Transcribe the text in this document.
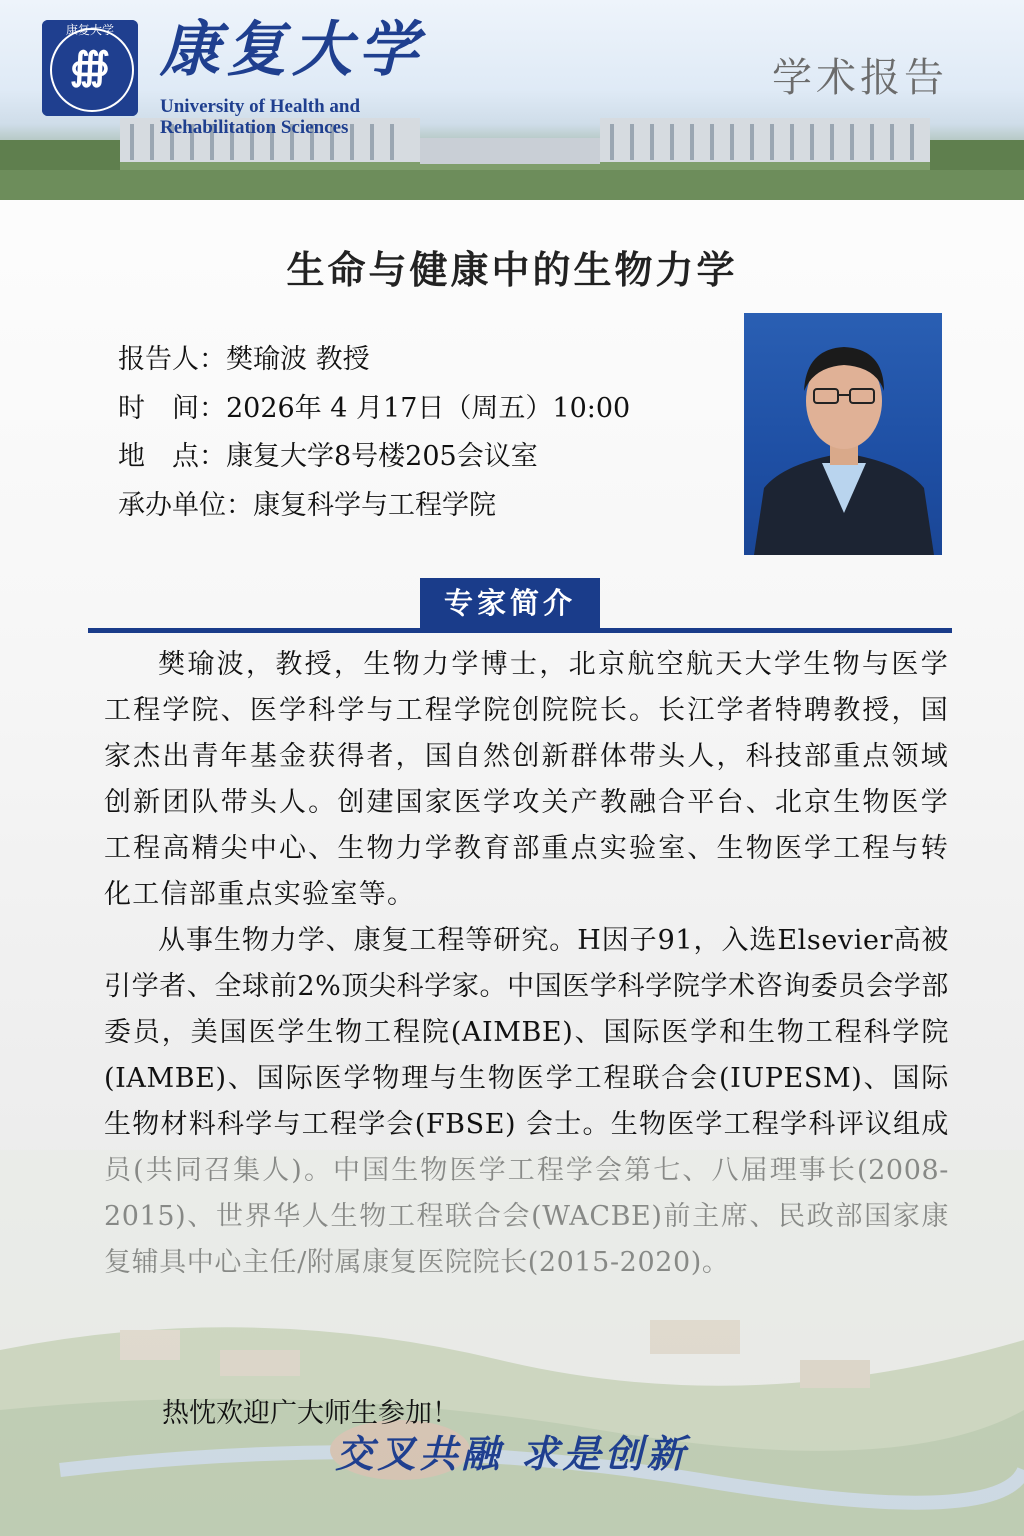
康复大学
∰ 康复大学
University of Health and
Rehabilitation Sciences
学术报告
生命与健康中的生物力学
报告人：樊瑜波 教授
时　间：2026年 4 月17日（周五）10:00
地　点：康复大学8号楼205会议室
承办单位：康复科学与工程学院
专家简介

樊瑜波，教授，生物力学博士，北京航空航天大学生物与医学工程学院、医学科学与工程学院创院院长。长江学者特聘教授，国家杰出青年基金获得者，国自然创新群体带头人，科技部重点领域创新团队带头人。创建国家医学攻关产教融合平台、北京生物医学工程高精尖中心、生物力学教育部重点实验室、生物医学工程与转化工信部重点实验室等。

从事生物力学、康复工程等研究。H因子91，入选Elsevier高被引学者、全球前2%顶尖科学家。中国医学科学院学术咨询委员会学部委员，美国医学生物工程院(AIMBE)、国际医学和生物工程科学院(IAMBE)、国际医学物理与生物医学工程联合会(IUPESM)、国际生物材料科学与工程学会(FBSE) 会士。生物医学工程学科评议组成

热忱欢迎广大师生参加！
交叉共融 求是创新
